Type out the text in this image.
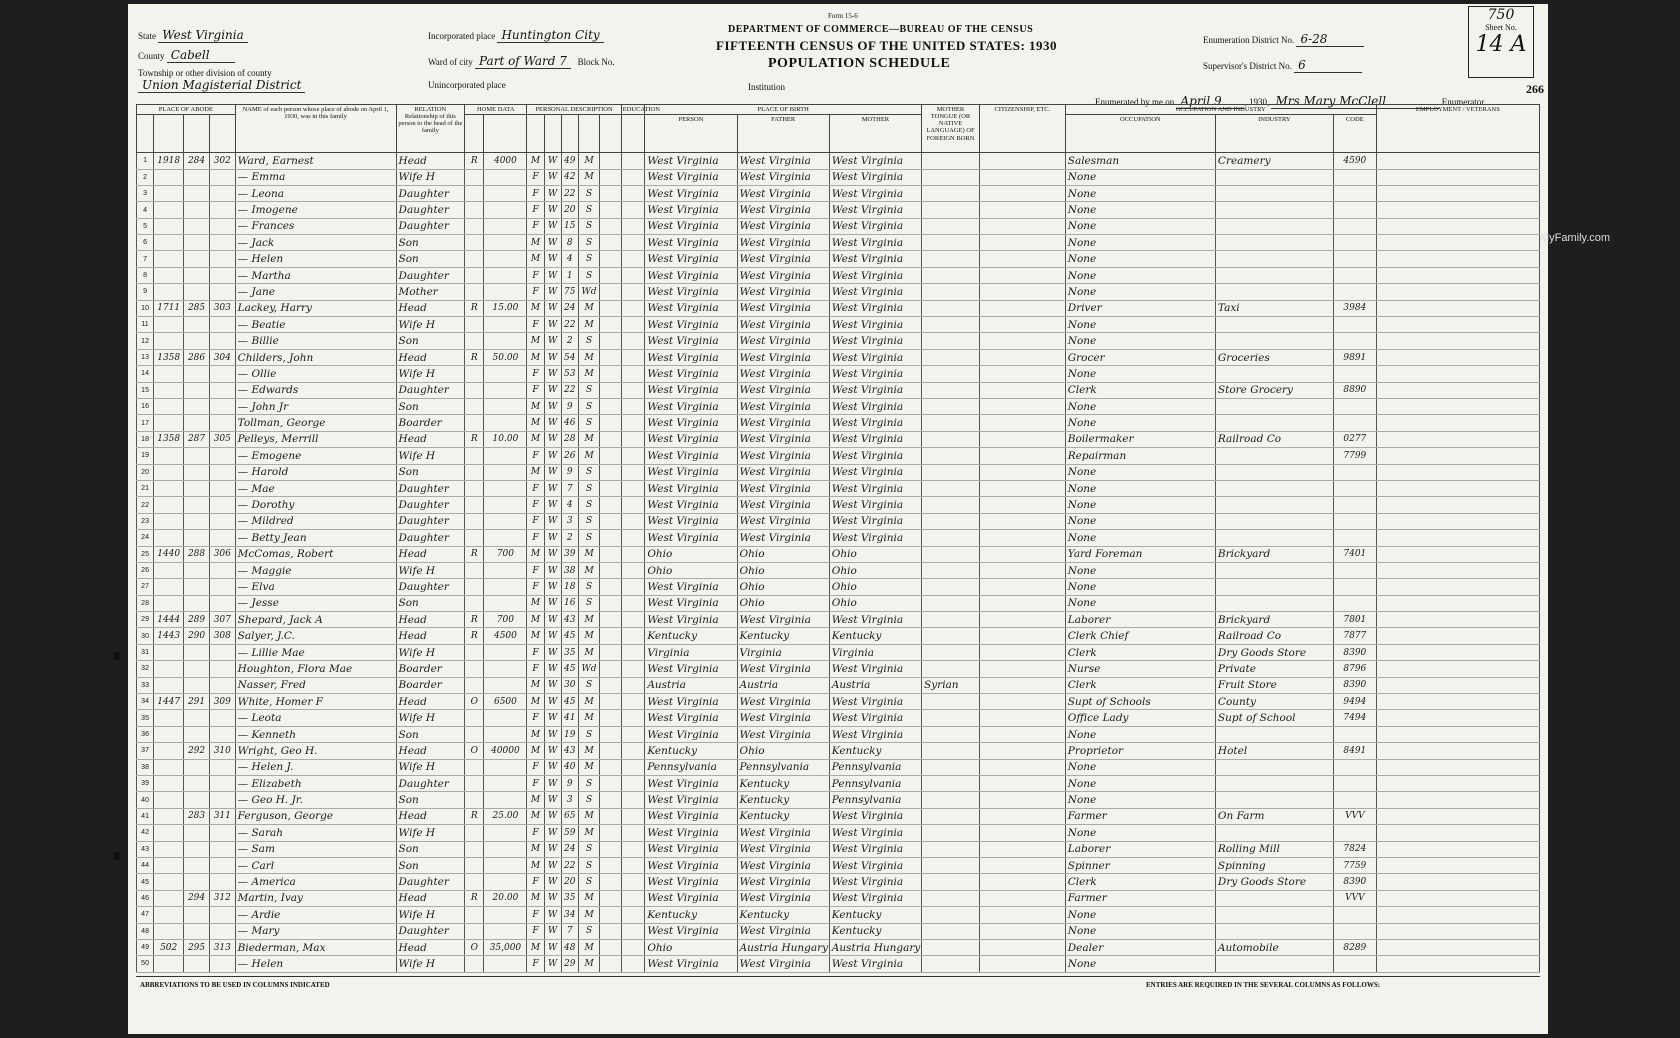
Form 15-6
DEPARTMENT OF COMMERCE—BUREAU OF THE CENSUS
FIFTEENTH CENSUS OF THE UNITED STATES: 1930
POPULATION SCHEDULE
State West Virginia
County Cabell
Township or other division of county Union Magisterial District
Incorporated place Huntington City
Ward of city Part of Ward 7 Block No.
Unincorporated place	Institution
Enumeration District No. 6-28
Supervisor's District No. 6
750
Sheet No.
14 A
266
Enumerated by me on April 9	, 1930, Mrs Mary McClell	Enumerator.
PLACE OF ABODE				NAME of each person whose place of abode on April 1, 1930, was in this family	RELATION Relationship of this person to the head of the family	HOME DATA		PERSONAL DESCRIPTION					EDUCATION	PLACE OF BIRTH			MOTHER TONGUE (OR NATIVE LANGUAGE) OF FOREIGN BORN	CITIZENSHIP, ETC.	OCCUPATION AND INDUSTRY			EMPLOYMENT / VETERANS
														PERSON	FATHER	MOTHER			OCCUPATION	INDUSTRY	CODE	
1	1918	284	302	Ward, Earnest	Head	R	4000	M	W	49	M			West Virginia	West Virginia	West Virginia			Salesman	Creamery	4590	
2				— Emma	Wife H			F	W	42	M			West Virginia	West Virginia	West Virginia			None			
3				— Leona	Daughter			F	W	22	S			West Virginia	West Virginia	West Virginia			None			
4				— Imogene	Daughter			F	W	20	S			West Virginia	West Virginia	West Virginia			None			
5				— Frances	Daughter			F	W	15	S			West Virginia	West Virginia	West Virginia			None			
6				— Jack	Son			M	W	8	S			West Virginia	West Virginia	West Virginia			None			
7				— Helen	Son			M	W	4	S			West Virginia	West Virginia	West Virginia			None			
8				— Martha	Daughter			F	W	1	S			West Virginia	West Virginia	West Virginia			None			
9				— Jane	Mother			F	W	75	Wd			West Virginia	West Virginia	West Virginia			None			
10	1711	285	303	Lackey, Harry	Head	R	15.00	M	W	24	M			West Virginia	West Virginia	West Virginia			Driver	Taxi	3984	
11				— Beatie	Wife H			F	W	22	M			West Virginia	West Virginia	West Virginia			None			
12				— Billie	Son			M	W	2	S			West Virginia	West Virginia	West Virginia			None			
13	1358	286	304	Childers, John	Head	R	50.00	M	W	54	M			West Virginia	West Virginia	West Virginia			Grocer	Groceries	9891	
14				— Ollie	Wife H			F	W	53	M			West Virginia	West Virginia	West Virginia			None			
15				— Edwards	Daughter			F	W	22	S			West Virginia	West Virginia	West Virginia			Clerk	Store Grocery	8890	
16				— John Jr	Son			M	W	9	S			West Virginia	West Virginia	West Virginia			None			
17				Tollman, George	Boarder			M	W	46	S			West Virginia	West Virginia	West Virginia			None			
18	1358	287	305	Pelleys, Merrill	Head	R	10.00	M	W	28	M			West Virginia	West Virginia	West Virginia			Boilermaker	Railroad Co	0277	
19				— Emogene	Wife H			F	W	26	M			West Virginia	West Virginia	West Virginia			Repairman		7799	
20				— Harold	Son			M	W	9	S			West Virginia	West Virginia	West Virginia			None			
21				— Mae	Daughter			F	W	7	S			West Virginia	West Virginia	West Virginia			None			
22				— Dorothy	Daughter			F	W	4	S			West Virginia	West Virginia	West Virginia			None			
23				— Mildred	Daughter			F	W	3	S			West Virginia	West Virginia	West Virginia			None			
24				— Betty Jean	Daughter			F	W	2	S			West Virginia	West Virginia	West Virginia			None			
25	1440	288	306	McComas, Robert	Head	R	700	M	W	39	M			Ohio	Ohio	Ohio			Yard Foreman	Brickyard	7401	
26				— Maggie	Wife H			F	W	38	M			Ohio	Ohio	Ohio			None			
27				— Elva	Daughter			F	W	18	S			West Virginia	Ohio	Ohio			None			
28				— Jesse	Son			M	W	16	S			West Virginia	Ohio	Ohio			None			
29	1444	289	307	Shepard, Jack A	Head	R	700	M	W	43	M			West Virginia	West Virginia	West Virginia			Laborer	Brickyard	7801	
30	1443	290	308	Salyer, J.C.	Head	R	4500	M	W	45	M			Kentucky	Kentucky	Kentucky			Clerk Chief	Railroad Co	7877	
31				— Lillie Mae	Wife H			F	W	35	M			Virginia	Virginia	Virginia			Clerk	Dry Goods Store	8390	
32				Houghton, Flora Mae	Boarder			F	W	45	Wd			West Virginia	West Virginia	West Virginia			Nurse	Private	8796	
33				Nasser, Fred	Boarder			M	W	30	S			Austria	Austria	Austria	Syrian		Clerk	Fruit Store	8390	
34	1447	291	309	White, Homer F	Head	O	6500	M	W	45	M			West Virginia	West Virginia	West Virginia			Supt of Schools	County	9494	
35				— Leota	Wife H			F	W	41	M			West Virginia	West Virginia	West Virginia			Office Lady	Supt of School	7494	
36				— Kenneth	Son			M	W	19	S			West Virginia	West Virginia	West Virginia			None			
37		292	310	Wright, Geo H.	Head	O	40000	M	W	43	M			Kentucky	Ohio	Kentucky			Proprietor	Hotel	8491	
38				— Helen J.	Wife H			F	W	40	M			Pennsylvania	Pennsylvania	Pennsylvania			None			
39				— Elizabeth	Daughter			F	W	9	S			West Virginia	Kentucky	Pennsylvania			None			
40				— Geo H. Jr.	Son			M	W	3	S			West Virginia	Kentucky	Pennsylvania			None			
41		283	311	Ferguson, George	Head	R	25.00	M	W	65	M			West Virginia	Kentucky	West Virginia			Farmer	On Farm	VVV	
42				— Sarah	Wife H			F	W	59	M			West Virginia	West Virginia	West Virginia			None			
43				— Sam	Son			M	W	24	S			West Virginia	West Virginia	West Virginia			Laborer	Rolling Mill	7824	
44				— Carl	Son			M	W	22	S			West Virginia	West Virginia	West Virginia			Spinner	Spinning	7759	
45				— America	Daughter			F	W	20	S			West Virginia	West Virginia	West Virginia			Clerk	Dry Goods Store	8390	
46		294	312	Martin, Ivay	Head	R	20.00	M	W	35	M			West Virginia	West Virginia	West Virginia			Farmer		VVV	
47				— Ardie	Wife H			F	W	34	M			Kentucky	Kentucky	Kentucky			None			
48				— Mary	Daughter			F	W	7	S			West Virginia	West Virginia	Kentucky			None			
49	502	295	313	Biederman, Max	Head	O	35,000	M	W	48	M			Ohio	Austria Hungary	Austria Hungary			Dealer	Automobile	8289	
50				— Helen	Wife H			F	W	29	M			West Virginia	West Virginia	West Virginia			None			
ABBREVIATIONS TO BE USED IN COLUMNS INDICATED	ENTRIES ARE REQUIRED IN THE SEVERAL COLUMNS AS FOLLOWS:
MyFamily.com
